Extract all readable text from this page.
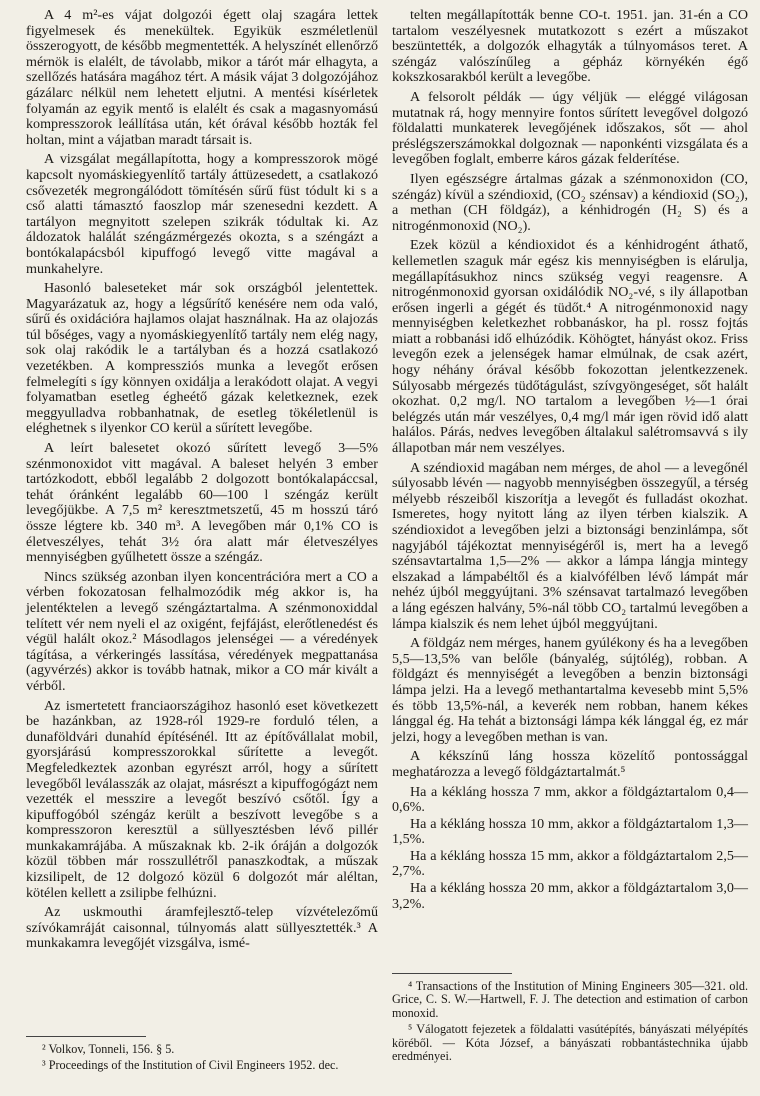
A 4 m²-es vájat dolgozói égett olaj szagára lettek figyelmesek és menekültek. Egyikük eszméletlenül összerogyott, de később megmentették. A helyszínét ellenőrző mérnök is elalélt, de távolabb, mikor a tárót már elhagyta, a szellőzés hatására magához tért. A másik vájat 3 dolgozójához gázálarc nélkül nem lehetett eljutni. A mentési kísérletek folyamán az egyik mentő is elalélt és csak a magasnyomású kompresszorok leállítása után, két órával később hozták fel holtan, mint a vájatban maradt társait is.

A vizsgálat megállapította, hogy a kompresszorok mögé kapcsolt nyomáskiegyenlítő tartály áttüzesedett, a csatlakozó csővezeték megrongálódott tömítésén sűrű füst tódult ki s a cső alatti támasztó faoszlop már szenesedni kezdett. A tartályon megnyitott szelepen szikrák tódultak ki. Az áldozatok halálát széngázmérgezés okozta, s a széngázt a bontókalapácsból kipuffogó levegő vitte magával a munkahelyre.

Hasonló baleseteket már sok országból jelentettek. Magyarázatuk az, hogy a légsűrítő kenésére nem oda való, sűrű és oxidációra hajlamos olajat használnak. Ha az olajozás túl bőséges, vagy a nyomáskiegyenlítő tartály nem elég nagy, sok olaj rakódik le a tartályban és a hozzá csatlakozó vezetékben. A kompressziós munka a levegőt erősen felmelegíti s így könnyen oxidálja a lerakódott olajat. A vegyi folyamatban esetleg égheétő gázak keletkeznek, ezek meggyulladva robbanhatnak, de esetleg tökéletlenül is eléghetnek s ilyenkor CO kerül a sűrített levegőbe.

A leírt balesetet okozó sűrített levegő 3—5% szénmonoxidot vitt magával. A baleset helyén 3 ember tartózkodott, ebből legalább 2 dolgozott bontókalapáccsal, tehát óránként legalább 60—100 l széngáz került levegőjükbe. A 7,5 m² keresztmetszetű, 45 m hosszú táró össze légtere kb. 340 m³. A levegőben már 0,1% CO is életveszélyes, tehát 3½ óra alatt már életveszélyes mennyiségben gyűlhetett össze a széngáz.

Nincs szükség azonban ilyen koncentrációra mert a CO a vérben fokozatosan felhalmozódik még akkor is, ha jelentéktelen a levegő széngáztartalma. A szénmonoxiddal telített vér nem nyeli el az oxigént, fejfájást, elerőtlenedést és végül halált okoz.² Másodlagos jelenségei — a véredények tágítása, a vérkeringés lassítása, véredények megpattanása (agyvérzés) akkor is tovább hatnak, mikor a CO már kivált a vérből.

Az ismertetett franciaországihoz hasonló eset következett be hazánkban, az 1928-ról 1929-re forduló télen, a dunaföldvári dunahíd építésénél. Itt az építővállalat mobil, gyorsjárású kompresszorokkal sűrítette a levegőt. Megfeledkeztek azonban egyrészt arról, hogy a sűrített levegőből leválasszák az olajat, másrészt a kipuffogógázt nem vezették el messzire a levegőt beszívó csőtől. Így a kipuffogóból széngáz került a beszívott levegőbe s a kompresszoron keresztül a süllyesztésben lévő pillér munkakamrájába. A műszaknak kb. 2-ik óráján a dolgozók közül többen már rosszullétről panaszkodtak, a műszak kizsilipelt, de 12 dolgozó közül 6 dolgozót már aléltan, kötélen kellett a zsilipbe felhúzni.

Az uskmouthi áramfejlesztő-telep vízvételezőmű szívókamráját caisonnal, túlnyomás alatt süllyesztették.³ A munkakamra levegőjét vizsgálva, ismé-

² Volkov, Tonneli, 156. § 5.

³ Proceedings of the Institution of Civil Engineers 1952. dec.

telten megállapították benne CO-t. 1951. jan. 31-én a CO tartalom veszélyesnek mutatkozott s ezért a műszakot beszüntették, a dolgozók elhagyták a túlnyomásos teret. A széngáz valószínűleg a gépház környékén égő kokszkosarakból került a levegőbe.

A felsorolt példák — úgy véljük — eléggé világosan mutatnak rá, hogy mennyire fontos sűrített levegővel dolgozó földalatti munkaterek levegőjének időszakos, sőt — ahol préslégszerszámokkal dolgoznak — naponkénti vizsgálata és a levegőben foglalt, emberre káros gázak felderítése.

Ilyen egészségre ártalmas gázak a szénmonoxidon (CO, széngáz) kívül a széndioxid, (CO₂ szénsav) a kéndioxid (SO₂), a methan (CH földgáz), a kénhidrogén (H₂ S) és a nitrogénmonoxid (NO₂).

Ezek közül a kéndioxidot és a kénhidrogént áthatő, kellemetlen szaguk már egész kis mennyiségben is elárulja, megállapításukhoz nincs szükség vegyi reagensre. A nitrogénmonoxid gyorsan oxidálódik NO₂-vé, s ily állapotban erősen ingerli a gégét és tüdőt.⁴ A nitrogénmonoxid nagy mennyiségben keletkezhet robbanáskor, ha pl. rossz fojtás miatt a robbanási idő elhúzódik. Köhögtet, hányást okoz. Friss levegőn ezek a jelenségek hamar elmúlnak, de csak azért, hogy néhány órával később fokozottan jelentkezzenek. Súlyosabb mérgezés tüdőtágulást, szívgyöngeséget, sőt halált okozhat. 0,2 mg/l. NO tartalom a levegőben ½—1 órai belégzés után már veszélyes, 0,4 mg/l már igen rövid idő alatt halálos. Párás, nedves levegőben általakul salétromsavvá s ily állapotban már nem veszélyes.

A széndioxid magában nem mérges, de ahol — a levegőnél súlyosabb lévén — nagyobb mennyiségben összegyűl, a térség mélyebb részeiből kiszorítja a levegőt és fulladást okozhat. Ismeretes, hogy nyitott láng az ilyen térben kialszik. A széndioxidot a levegőben jelzi a biztonsági benzinlámpa, sőt nagyjából tájékoztat mennyiségéről is, mert ha a levegő szénsavtartalma 1,5—2% — akkor a lámpa lángja mintegy elszakad a lámpabéltől és a kialvófélben lévő lámpát már nehéz újból meggyújtani. 3% szénsavat tartalmazó levegőben a láng egészen halvány, 5%-nál több CO₂ tartalmú levegőben a lámpa kialszik és nem lehet újból meggyújtani.

A földgáz nem mérges, hanem gyúlékony és ha a levegőben 5,5—13,5% van belőle (bányalég, sújtólég), robban. A földgázt és mennyiségét a levegőben a benzin biztonsági lámpa jelzi. Ha a levegő methantartalma kevesebb mint 5,5% és több 13,5%-nál, a keverék nem robban, hanem kékes lánggal ég. Ha tehát a biztonsági lámpa kék lánggal ég, ez már jelzi, hogy a levegőben methan is van.

A kékszínű láng hossza közelítő pontossággal meghatározza a levegő földgáztartalmát.⁵

Ha a kékláng hossza 7 mm, akkor a földgáztartalom 0,4—0,6%.

Ha a kékláng hossza 10 mm, akkor a földgáztartalom 1,3—1,5%.

Ha a kékláng hossza 15 mm, akkor a földgáztartalom 2,5—2,7%.

Ha a kékláng hossza 20 mm, akkor a földgáztartalom 3,0—3,2%.

⁴ Transactions of the Institution of Mining Engineers 305—321. old. Grice, C. S. W.—Hartwell, F. J. The detection and estimation of carbon monoxid.

⁵ Válogatott fejezetek a földalatti vasútépítés, bányászati mélyépítés köréből. — Kóta József, a bányászati robbantástechnika újabb eredményei.
